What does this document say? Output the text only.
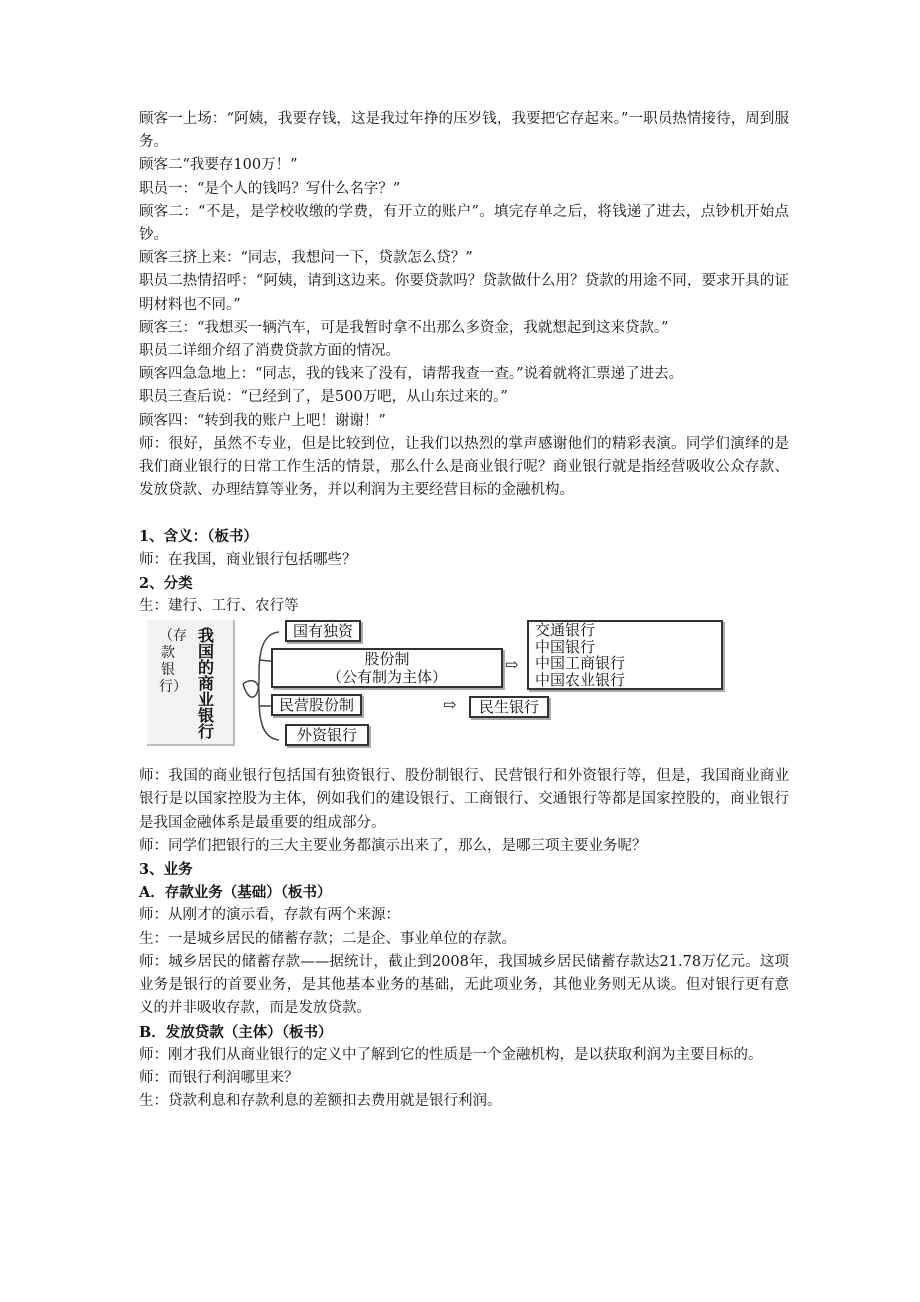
顾客一上场：“阿姨，我要存钱，这是我过年挣的压岁钱，我要把它存起来。”一职员热情接待，周到服务。

顾客二“我要存100万！”

职员一：“是个人的钱吗？写什么名字？”

顾客二：“不是，是学校收缴的学费，有开立的账户”。填完存单之后，将钱递了进去，点钞机开始点钞。

顾客三挤上来：“同志，我想问一下，贷款怎么贷？”

职员二热情招呼：“阿姨，请到这边来。你要贷款吗？贷款做什么用？贷款的用途不同，要求开具的证明材料也不同。”

顾客三：“我想买一辆汽车，可是我暂时拿不出那么多资金，我就想起到这来贷款。”

职员二详细介绍了消费贷款方面的情况。

顾客四急急地上：“同志，我的钱来了没有，请帮我查一查。”说着就将汇票递了进去。

职员三查后说：“已经到了，是500万吧，从山东过来的。”

顾客四：“转到我的账户上吧！谢谢！”

师：很好，虽然不专业，但是比较到位，让我们以热烈的掌声感谢他们的精彩表演。同学们演绎的是我们商业银行的日常工作生活的情景，那么什么是商业银行呢？商业银行就是指经营吸收公众存款、发放贷款、办理结算等业务，并以利润为主要经营目标的金融机构。

1、含义：（板书）

师：在我国，商业银行包括哪些？

2、分类

生：建行、工行、农行等

（存款银行）
我国的商业银行
国有独资
股份制
（公有制为主体）
民营股份制
外资银行
⇨
⇨
交通银行
中国银行
中国工商银行
中国农业银行
民生银行

师：我国的商业银行包括国有独资银行、股份制银行、民营银行和外资银行等，但是，我国商业商业银行是以国家控股为主体，例如我们的建设银行、工商银行、交通银行等都是国家控股的，商业银行是我国金融体系是最重要的组成部分。

师：同学们把银行的三大主要业务都演示出来了，那么，是哪三项主要业务呢？

3、业务

A．存款业务（基础）（板书）

师：从刚才的演示看，存款有两个来源：

生：一是城乡居民的储蓄存款；二是企、事业单位的存款。

师：城乡居民的储蓄存款——据统计，截止到2008年，我国城乡居民储蓄存款达21.78万亿元。这项业务是银行的首要业务，是其他基本业务的基础，无此项业务，其他业务则无从谈。但对银行更有意义的并非吸收存款，而是发放贷款。

B．发放贷款（主体）（板书）

师：刚才我们从商业银行的定义中了解到它的性质是一个金融机构，是以获取利润为主要目标的。

师：而银行利润哪里来？

生：贷款利息和存款利息的差额扣去费用就是银行利润。
